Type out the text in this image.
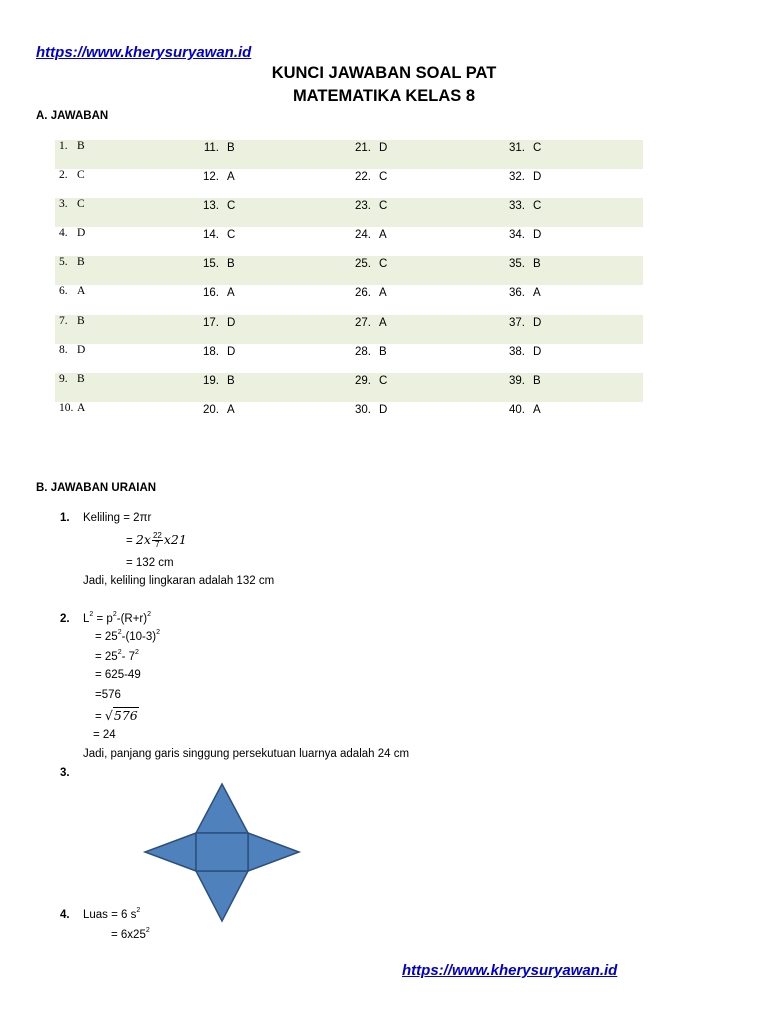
https://www.kherysuryawan.id
KUNCI JAWABAN SOAL PAT
MATEMATIKA KELAS 8
A. JAWABAN
1. B	11. B	21. D	31. C

2. C	12. A	22. C	32. D

3. C	13. C	23. C	33. C

4. D	14. C	24. A	34. D

5. B	15. B	25. C	35. B

6. A	16. A	26. A	36. A

7. B	17. D	27. A	37. D

8. D	18. D	28. B	38. D

9. B	19. B	29. C	39. B

10. A	20. A	30. D	40. A
B. JAWABAN URAIAN
1. Keliling = 2πr
= $2x \frac{22}{7} x21$
= 132 cm
Jadi, keliling lingkaran adalah 132 cm
2. $L^2 = p^2-(R+r)^2$
= $25^2-(10-3)^2$
= $25^2-$ $7^2$
= 625-49
=576
= √576
= 24
Jadi, panjang garis singgung persekutuan luarnya adalah 24 cm
3.
4. Luas = 6 $s^2$
= $6x25^2$
https://www.kherysuryawan.id
